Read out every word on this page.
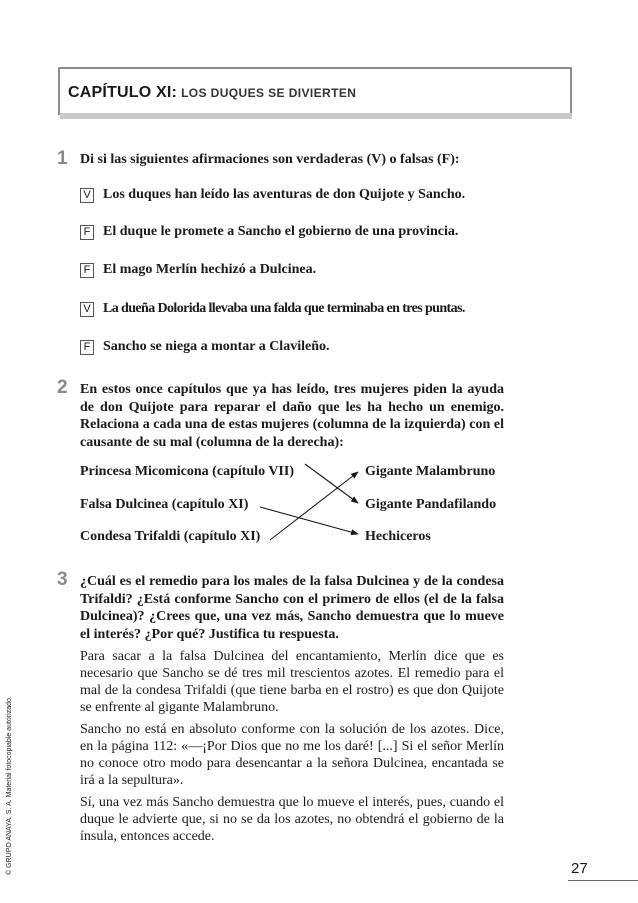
CAPÍTULO XI: LOS DUQUES SE DIVIERTEN
1 Di si las siguientes afirmaciones son verdaderas (V) o falsas (F):

V Los duques han leído las aventuras de don Quijote y Sancho.
F El duque le promete a Sancho el gobierno de una provincia.
F El mago Merlín hechizó a Dulcinea.
V La dueña Dolorida llevaba una falda que terminaba en tres puntas.
F Sancho se niega a montar a Clavileño.
2 En estos once capítulos que ya has leído, tres mujeres piden la ayuda de don Quijote para reparar el daño que les ha hecho un enemigo. Relaciona a cada una de estas mujeres (columna de la izquierda) con el causante de su mal (columna de la derecha):

Princesa Micomicona (capítulo VII)
Falsa Dulcinea (capítulo XI)
Condesa Trifaldi (capítulo XI)
Gigante Malambruno
Gigante Pandafilando
Hechiceros
3 ¿Cuál es el remedio para los males de la falsa Dulcinea y de la condesa Trifaldi? ¿Está conforme Sancho con el primero de ellos (el de la falsa Dulcinea)? ¿Crees que, una vez más, Sancho demuestra que lo mueve el interés? ¿Por qué? Justifica tu respuesta.

Para sacar a la falsa Dulcinea del encantamiento, Merlín dice que es necesario que Sancho se dé tres mil trescientos azotes. El remedio para el mal de la condesa Trifaldi (que tiene barba en el rostro) es que don Quijote se enfrente al gigante Malambruno.

Sancho no está en absoluto conforme con la solución de los azotes. Dice, en la página 112: «—¡Por Dios que no me los daré! [...] Si el señor Merlín no conoce otro modo para desencantar a la señora Dulcinea, encantada se irá a la sepultura».

Sí, una vez más Sancho demuestra que lo mueve el interés, pues, cuando el duque le advierte que, si no se da los azotes, no obtendrá el gobierno de la ínsula, entonces accede.

© GRUPO ANAYA, S. A. Material fotocopiable autorizado.	27
